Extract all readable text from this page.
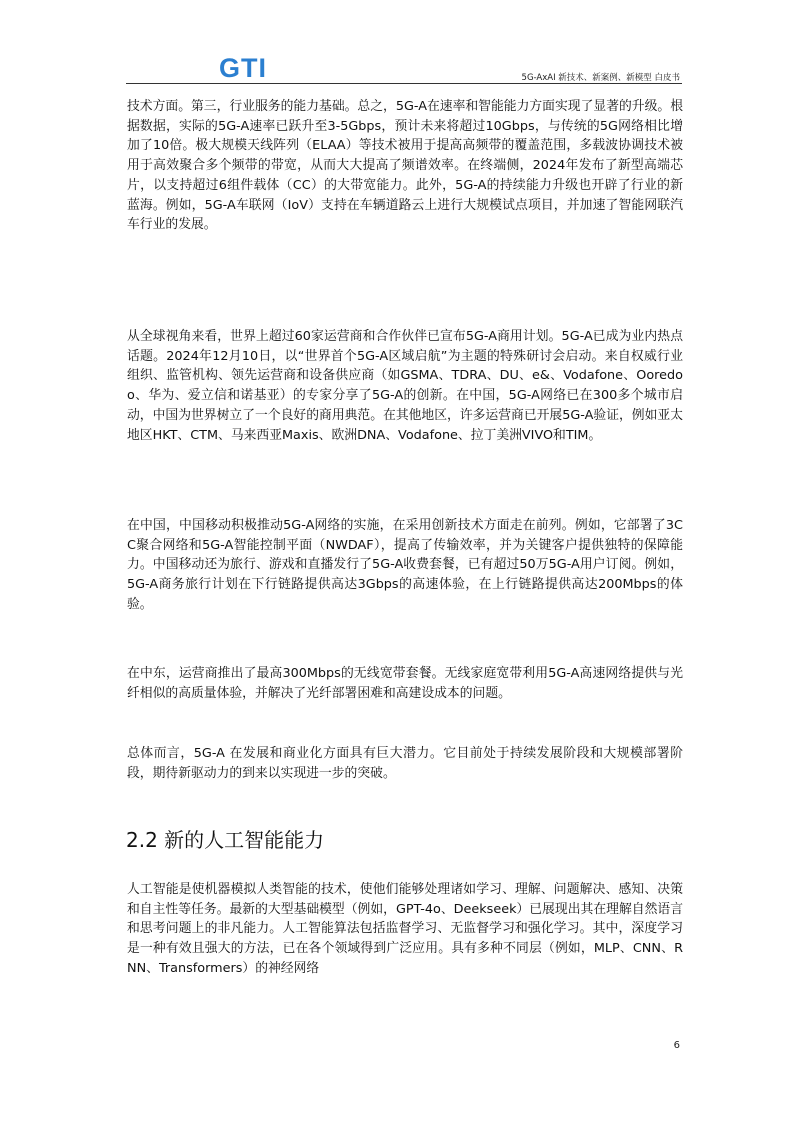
GTI	5G-AxAI 新技术、新案例、新模型 白皮书

技术方面。第三，行业服务的能力基础。总之，5G-A在速率和智能能力方面实现了显著的升级。根据数据，实际的5G-A速率已跃升至3-5Gbps，预计未来将超过10Gbps，与传统的5G网络相比增加了10倍。极大规模天线阵列（ELAA）等技术被用于提高高频带的覆盖范围，多载波协调技术被用于高效聚合多个频带的带宽，从而大大提高了频谱效率。在终端侧，2024年发布了新型高端芯片，以支持超过6组件载体（CC）的大带宽能力。此外，5G-A的持续能力升级也开辟了行业的新蓝海。例如，5G-A车联网（IoV）支持在车辆道路云上进行大规模试点项目，并加速了智能网联汽车行业的发展。

从全球视角来看，世界上超过60家运营商和合作伙伴已宣布5G-A商用计划。5G-A已成为业内热点话题。2024年12月10日，以“世界首个5G-A区域启航”为主题的特殊研讨会启动。来自权威行业组织、监管机构、领先运营商和设备供应商（如GSMA、TDRA、DU、e&、Vodafone、Ooredoo、华为、爱立信和诺基亚）的专家分享了5G-A的创新。在中国，5G-A网络已在300多个城市启动，中国为世界树立了一个良好的商用典范。在其他地区，许多运营商已开展5G-A验证，例如亚太地区HKT、CTM、马来西亚Maxis、欧洲DNA、Vodafone、拉丁美洲VIVO和TIM。

在中国，中国移动积极推动5G-A网络的实施，在采用创新技术方面走在前列。例如，它部署了3CC聚合网络和5G-A智能控制平面（NWDAF），提高了传输效率，并为关键客户提供独特的保障能力。中国移动还为旅行、游戏和直播发行了5G-A收费套餐，已有超过50万5G-A用户订阅。例如，5G-A商务旅行计划在下行链路提供高达3Gbps的高速体验，在上行链路提供高达200Mbps的体验。

在中东，运营商推出了最高300Mbps的无线宽带套餐。无线家庭宽带利用5G-A高速网络提供与光纤相似的高质量体验，并解决了光纤部署困难和高建设成本的问题。

总体而言，5G-A 在发展和商业化方面具有巨大潜力。它目前处于持续发展阶段和大规模部署阶段，期待新驱动力的到来以实现进一步的突破。

2.2 新的人工智能能力

人工智能是使机器模拟人类智能的技术，使他们能够处理诸如学习、理解、问题解决、感知、决策和自主性等任务。最新的大型基础模型（例如，GPT-4o、Deekseek）已展现出其在理解自然语言和思考问题上的非凡能力。人工智能算法包括监督学习、无监督学习和强化学习。其中，深度学习是一种有效且强大的方法，已在各个领域得到广泛应用。具有多种不同层（例如，MLP、CNN、RNN、Transformers）的神经网络

6
